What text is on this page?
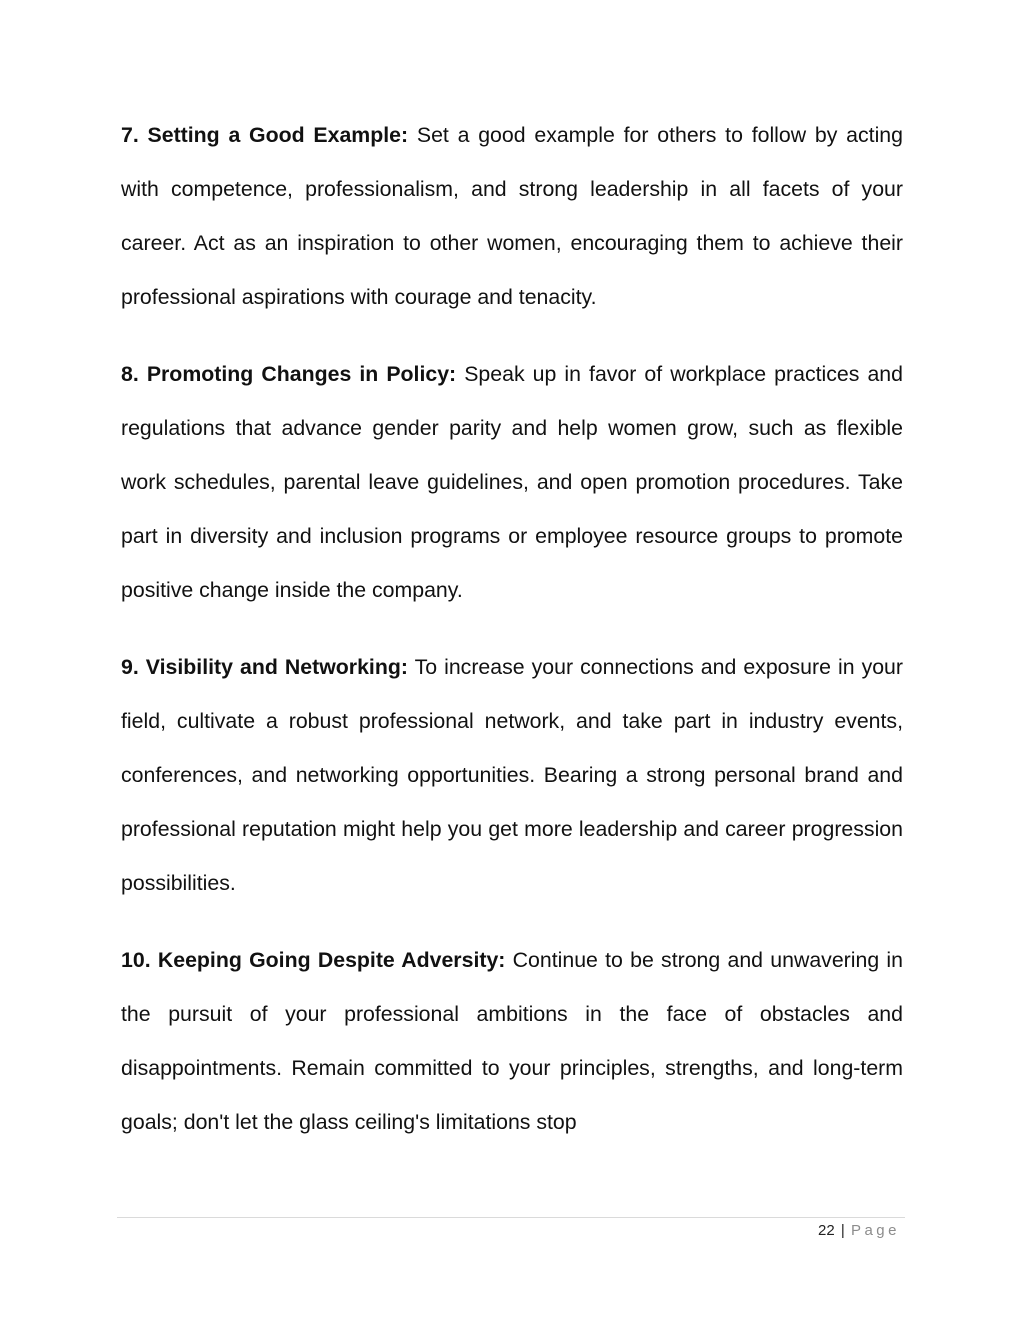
7. Setting a Good Example: Set a good example for others to follow by acting with competence, professionalism, and strong leadership in all facets of your career. Act as an inspiration to other women, encouraging them to achieve their professional aspirations with courage and tenacity.

8. Promoting Changes in Policy: Speak up in favor of workplace practices and regulations that advance gender parity and help women grow, such as flexible work schedules, parental leave guidelines, and open promotion procedures. Take part in diversity and inclusion programs or employee resource groups to promote positive change inside the company.

9. Visibility and Networking: To increase your connections and exposure in your field, cultivate a robust professional network, and take part in industry events, conferences, and networking opportunities. Bearing a strong personal brand and professional reputation might help you get more leadership and career progression possibilities.

10. Keeping Going Despite Adversity: Continue to be strong and unwavering in the pursuit of your professional ambitions in the face of obstacles and disappointments. Remain committed to your principles, strengths, and long-term goals; don't let the glass ceiling's limitations stop

22 | Page
